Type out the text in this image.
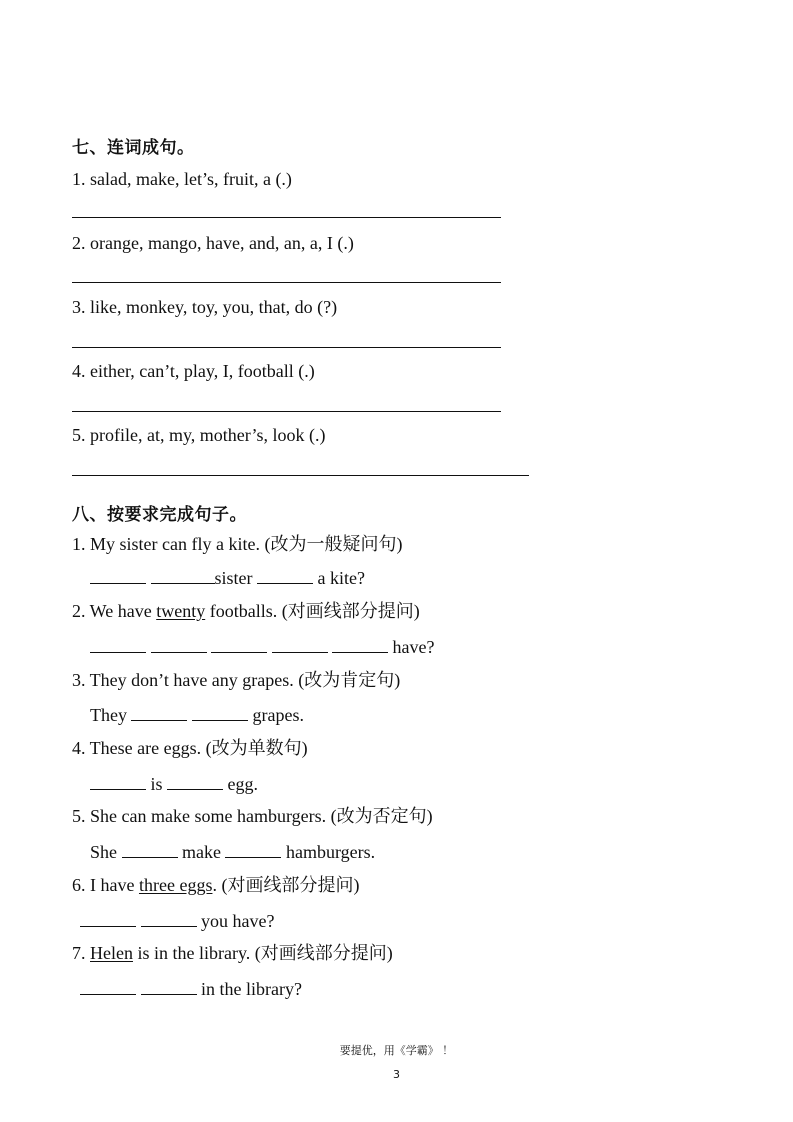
七、连词成句。
1. salad, make, let’s, fruit, a (.)
2. orange, mango, have, and, an, a, I (.)
3. like, monkey, toy, you, that, do (?)
4. either, can’t, play, I, football (.)
5. profile, at, my, mother’s, look (.)
八、按要求完成句子。
1. My sister can fly a kite. (改为一般疑问句)
sister	a kite?
2. We have twenty footballs. (对画线部分提问)
have?
3. They don’t have any grapes. (改为肯定句)
They	grapes.
4. These are eggs. (改为单数句)
is	egg.
5. She can make some hamburgers. (改为否定句)
She	make	hamburgers.
6. I have three eggs. (对画线部分提问)
you have?
7. Helen is in the library. (对画线部分提问)
in the library?
要提优，用《学霸》 ！
3
